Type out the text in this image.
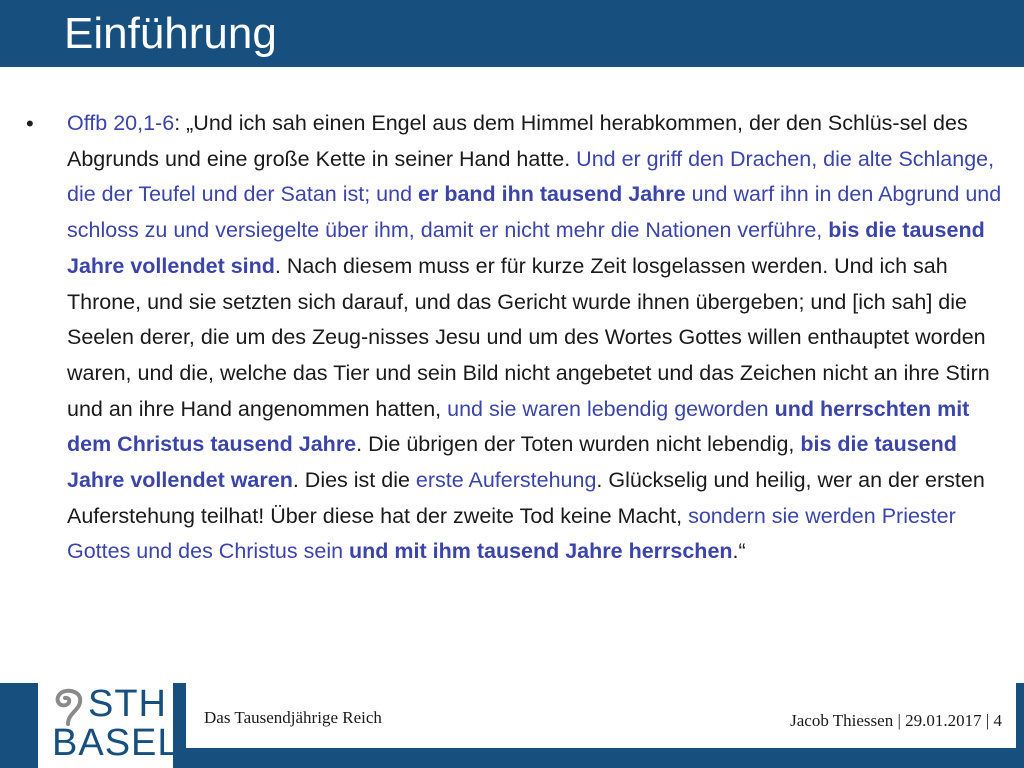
Einführung
•	Offb 20,1-6: „Und ich sah einen Engel aus dem Himmel herabkommen, der den Schlüs-sel des Abgrunds und eine große Kette in seiner Hand hatte. Und er griff den Drachen, die alte Schlange, die der Teufel und der Satan ist; und er band ihn tausend Jahre und warf ihn in den Abgrund und schloss zu und versiegelte über ihm, damit er nicht mehr die Nationen verführe, bis die tausend Jahre vollendet sind. Nach diesem muss er für kurze Zeit losgelassen werden. Und ich sah Throne, und sie setzten sich darauf, und das Gericht wurde ihnen übergeben; und [ich sah] die Seelen derer, die um des Zeug-nisses Jesu und um des Wortes Gottes willen enthauptet worden waren, und die, welche das Tier und sein Bild nicht angebetet und das Zeichen nicht an ihre Stirn und an ihre Hand angenommen hatten, und sie waren lebendig geworden und herrschten mit dem Christus tausend Jahre. Die übrigen der Toten wurden nicht lebendig, bis die tausend Jahre vollendet waren. Dies ist die erste Auferstehung. Glückselig und heilig, wer an der ersten Auferstehung teilhat! Über diese hat der zweite Tod keine Macht, sondern sie werden Priester Gottes und des Christus sein und mit ihm tausend Jahre herrschen.“

STH
BASEL
Das Tausendjährige Reich	Jacob Thiessen | 29.01.2017 | 4
